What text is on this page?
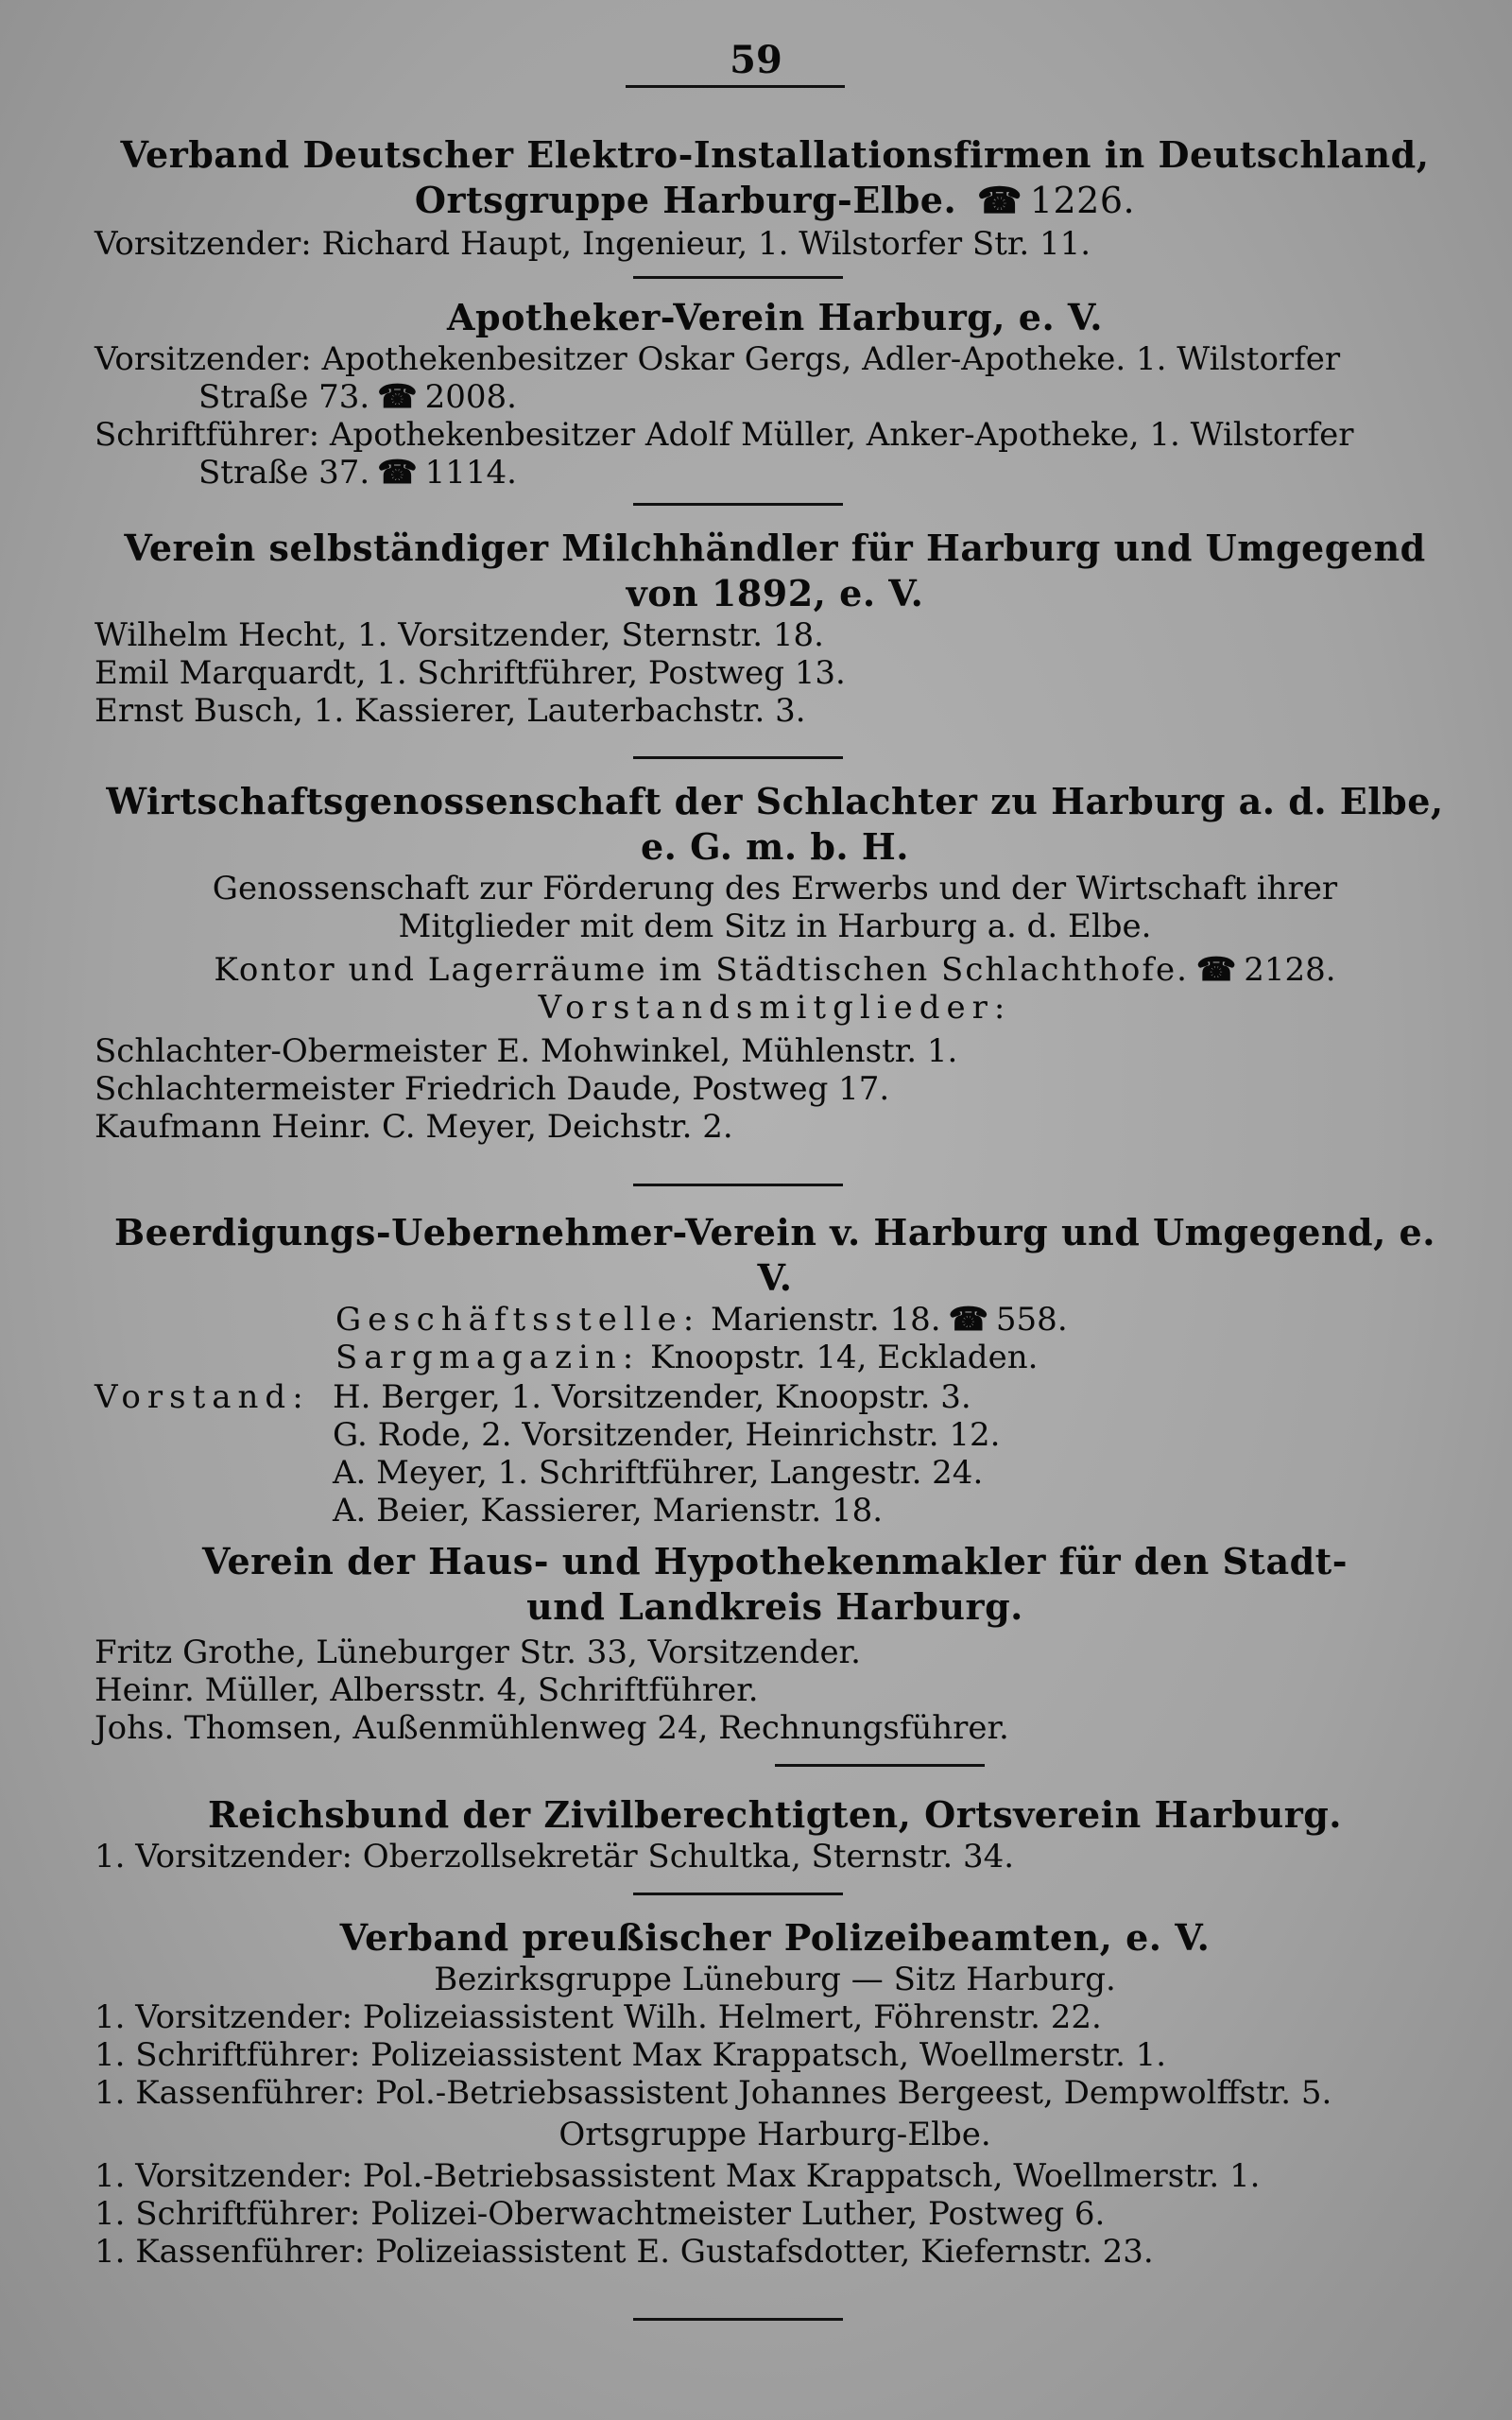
59
Verband Deutscher Elektro-Installationsfirmen in Deutschland,
Ortsgruppe Harburg-Elbe. ☎ 1226.
Vorsitzender: Richard Haupt, Ingenieur, 1. Wilstorfer Str. 11.
Apotheker-Verein Harburg, e. V.
Vorsitzender: Apothekenbesitzer Oskar Gergs, Adler-Apotheke. 1. Wilstorfer
Straße 73. ☎ 2008.
Schriftführer: Apothekenbesitzer Adolf Müller, Anker-Apotheke, 1. Wilstorfer
Straße 37. ☎ 1114.
Verein selbständiger Milchhändler für Harburg und Umgegend
von 1892, e. V.
Wilhelm Hecht, 1. Vorsitzender, Sternstr. 18.
Emil Marquardt, 1. Schriftführer, Postweg 13.
Ernst Busch, 1. Kassierer, Lauterbachstr. 3.
Wirtschaftsgenossenschaft der Schlachter zu Harburg a. d. Elbe,
e. G. m. b. H.
Genossenschaft zur Förderung des Erwerbs und der Wirtschaft ihrer
Mitglieder mit dem Sitz in Harburg a. d. Elbe.
Kontor und Lagerräume im Städtischen Schlachthofe. ☎ 2128.
Vorstandsmitglieder:
Schlachter-Obermeister E. Mohwinkel, Mühlenstr. 1.
Schlachtermeister Friedrich Daude, Postweg 17.
Kaufmann Heinr. C. Meyer, Deichstr. 2.
Beerdigungs-Uebernehmer-Verein v. Harburg und Umgegend, e. V.
Geschäftsstelle: Marienstr. 18. ☎ 558.
Sargmagazin: Knoopstr. 14, Eckladen.
Vorstand: H. Berger, 1. Vorsitzender, Knoopstr. 3.
G. Rode, 2. Vorsitzender, Heinrichstr. 12.
A. Meyer, 1. Schriftführer, Langestr. 24.
A. Beier, Kassierer, Marienstr. 18.
Verein der Haus- und Hypothekenmakler für den Stadt-
und Landkreis Harburg.
Fritz Grothe, Lüneburger Str. 33, Vorsitzender.
Heinr. Müller, Albersstr. 4, Schriftführer.
Johs. Thomsen, Außenmühlenweg 24, Rechnungsführer.
Reichsbund der Zivilberechtigten, Ortsverein Harburg.
1. Vorsitzender: Oberzollsekretär Schultka, Sternstr. 34.
Verband preußischer Polizeibeamten, e. V.
Bezirksgruppe Lüneburg — Sitz Harburg.
1. Vorsitzender: Polizeiassistent Wilh. Helmert, Föhrenstr. 22.
1. Schriftführer: Polizeiassistent Max Krappatsch, Woellmerstr. 1.
1. Kassenführer: Pol.-Betriebsassistent Johannes Bergeest, Dempwolffstr. 5.
Ortsgruppe Harburg-Elbe.
1. Vorsitzender: Pol.-Betriebsassistent Max Krappatsch, Woellmerstr. 1.
1. Schriftführer: Polizei-Oberwachtmeister Luther, Postweg 6.
1. Kassenführer: Polizeiassistent E. Gustafsdotter, Kiefernstr. 23.
